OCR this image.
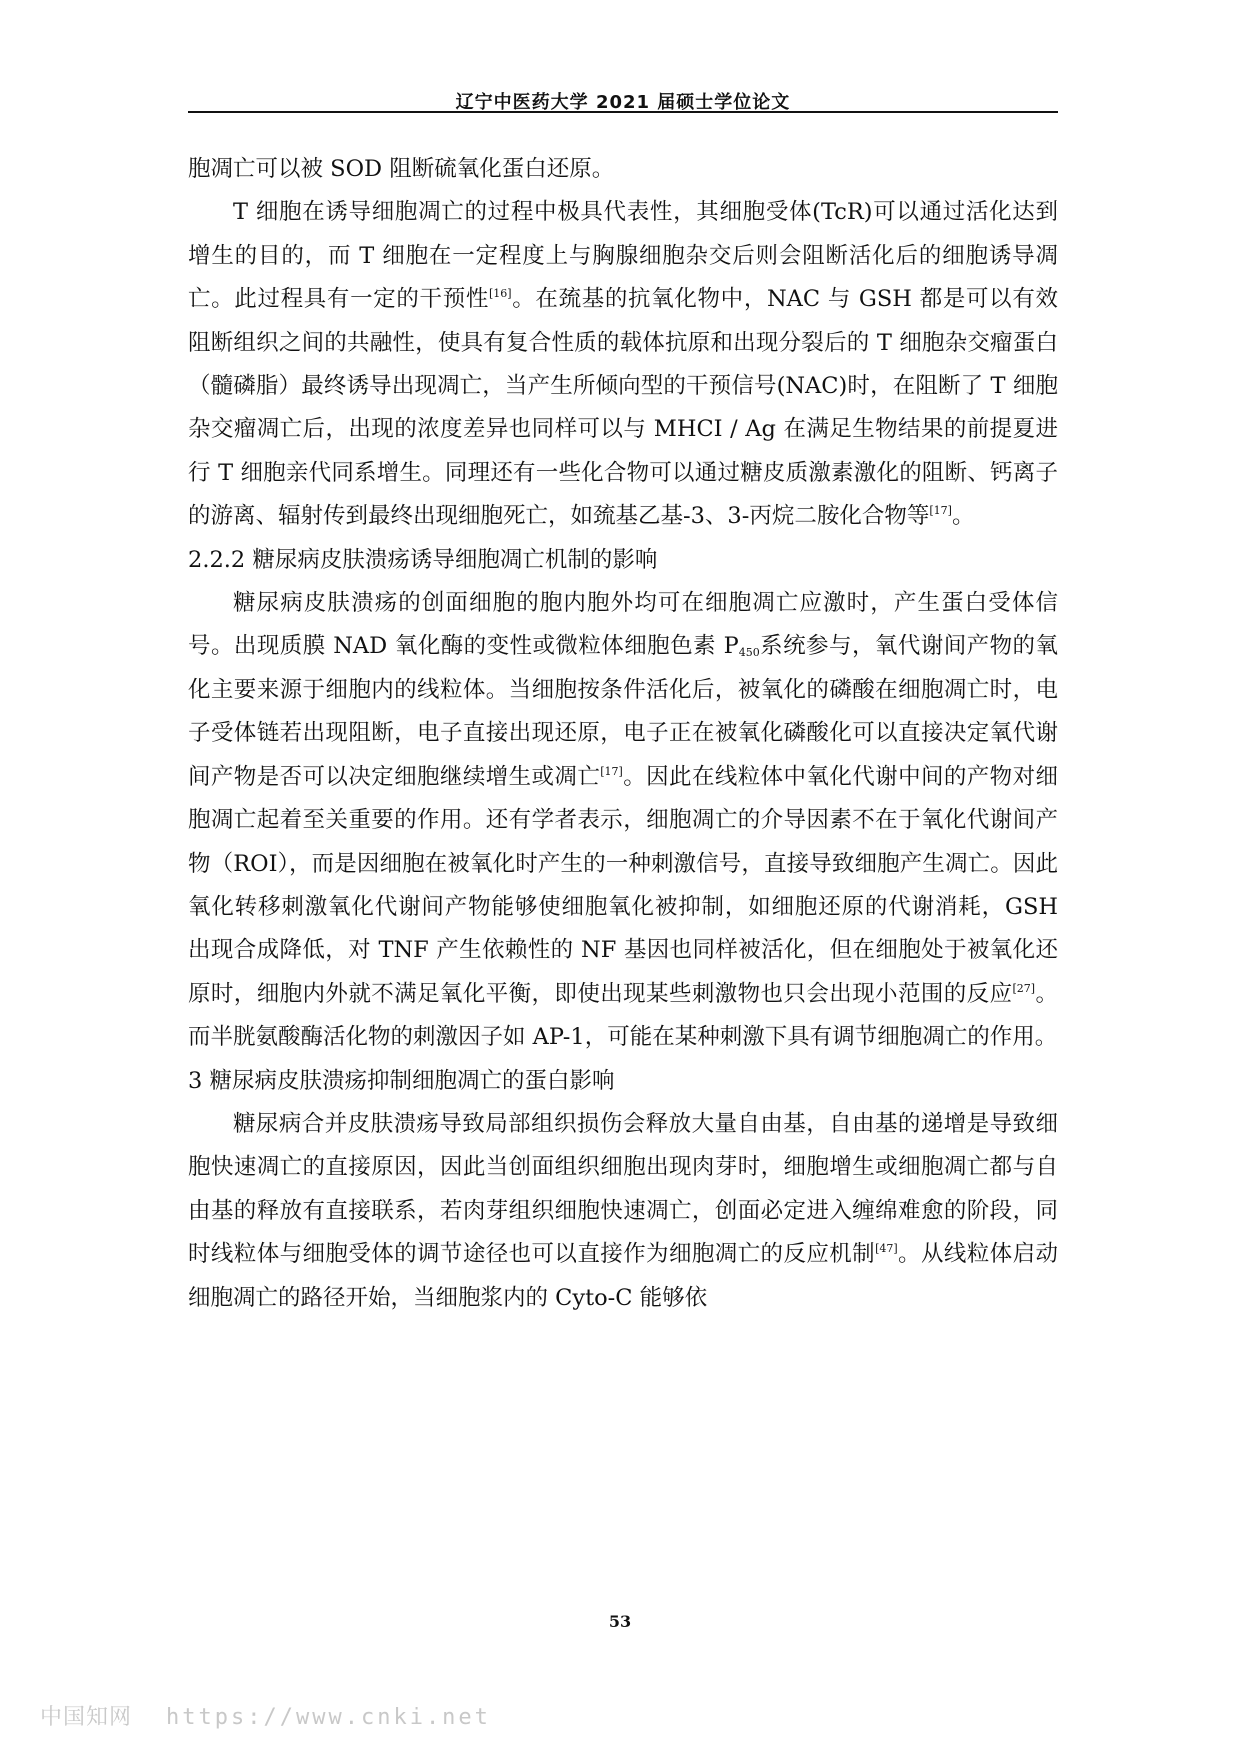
辽宁中医药大学 2021 届硕士学位论文

胞凋亡可以被 SOD 阻断硫氧化蛋白还原。

T 细胞在诱导细胞凋亡的过程中极具代表性，其细胞受体(TcR)可以通过活化达到增生的目的，而 T 细胞在一定程度上与胸腺细胞杂交后则会阻断活化后的细胞诱导凋亡。此过程具有一定的干预性[16]。在巯基的抗氧化物中，NAC 与 GSH 都是可以有效阻断组织之间的共融性，使具有复合性质的载体抗原和出现分裂后的 T 细胞杂交瘤蛋白（髓磷脂）最终诱导出现凋亡，当产生所倾向型的干预信号(NAC)时，在阻断了 T 细胞杂交瘤凋亡后，出现的浓度差异也同样可以与 MHCI / Ag 在满足生物结果的前提夏进行 T 细胞亲代同系增生。同理还有一些化合物可以通过糖皮质激素激化的阻断、钙离子的游离、辐射传到最终出现细胞死亡，如巯基乙基-3、3-丙烷二胺化合物等[17]。

2.2.2 糖尿病皮肤溃疡诱导细胞凋亡机制的影响

糖尿病皮肤溃疡的创面细胞的胞内胞外均可在细胞凋亡应激时，产生蛋白受体信号。出现质膜 NAD 氧化酶的变性或微粒体细胞色素 $P_{450}$系统参与，氧代谢间产物的氧化主要来源于细胞内的线粒体。当细胞按条件活化后，被氧化的磷酸在细胞凋亡时，电子受体链若出现阻断，电子直接出现还原，电子正在被氧化磷酸化可以直接决定氧代谢间产物是否可以决定细胞继续增生或凋亡[17]。因此在线粒体中氧化代谢中间的产物对细胞凋亡起着至关重要的作用。还有学者表示，细胞凋亡的介导因素不在于氧化代谢间产物（ROI），而是因细胞在被氧化时产生的一种刺激信号，直接导致细胞产生凋亡。因此氧化转移刺激氧化代谢间产物能够使细胞氧化被抑制，如细胞还原的代谢消耗，GSH 出现合成降低，对 TNF 产生依赖性的 NF 基因也同样被活化，但在细胞处于被氧化还原时，细胞内外就不满足氧化平衡，即使出现某些刺激物也只会出现小范围的反应[27]。而半胱氨酸酶活化物的刺激因子如 AP-1，可能在某种刺激下具有调节细胞凋亡的作用。

3 糖尿病皮肤溃疡抑制细胞凋亡的蛋白影响

糖尿病合并皮肤溃疡导致局部组织损伤会释放大量自由基，自由基的递增是导致细胞快速凋亡的直接原因，因此当创面组织细胞出现肉芽时，细胞增生或细胞凋亡都与自由基的释放有直接联系，若肉芽组织细胞快速凋亡，创面必定进入缠绵难愈的阶段，同时线粒体与细胞受体的调节途径也可以直接作为细胞凋亡的反应机制[47]。从线粒体启动细胞凋亡的路径开始，当细胞浆内的 Cyto-C 能够依

53
中国知网 https://www.cnki.net
